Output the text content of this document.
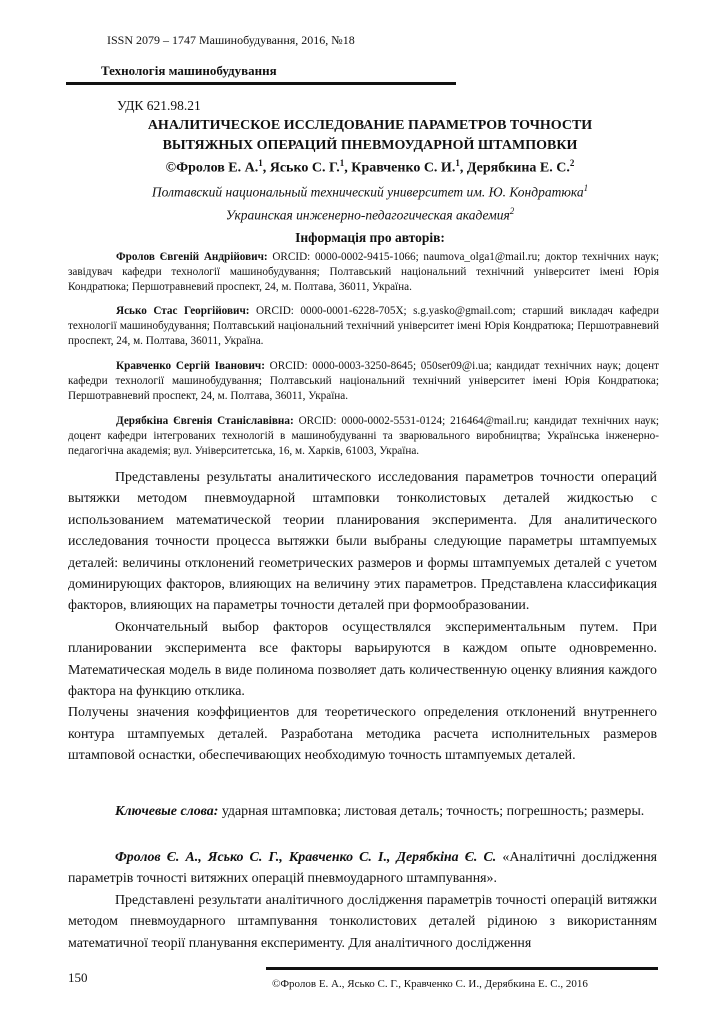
ISSN 2079 – 1747 Машинобудування, 2016, №18
Технологія машинобудування
УДК 621.98.21
АНАЛИТИЧЕСКОЕ ИССЛЕДОВАНИЕ ПАРАМЕТРОВ ТОЧНОСТИ
ВЫТЯЖНЫХ ОПЕРАЦИЙ ПНЕВМОУДАРНОЙ ШТАМПОВКИ
©Фролов Е. А.$^1$, Ясько С. Г.$^1$, Кравченко С. И.$^1$, Дерябкина Е. С.$^2$
Полтавский национальный технический университет им. Ю. Кондратюка$^1$
Украинская инженерно-педагогическая академия$^2$
Інформація про авторів:
Фролов Євгеній Андрійович: ORCID: 0000-0002-9415-1066; naumova_olga1@mail.ru; доктор технічних наук; завідувач кафедри технології машинобудування; Полтавський національний технічний університет імені Юрія Кондратюка; Першотравневий проспект, 24, м. Полтава, 36011, Україна.
Ясько Стас Георгійович: ORCID: 0000-0001-6228-705X; s.g.yasko@gmail.com; старший викладач кафедри технології машинобудування; Полтавський національний технічний університет імені Юрія Кондратюка; Першотравневий проспект, 24, м. Полтава, 36011, Україна.
Кравченко Сергій Іванович: ORCID: 0000-0003-3250-8645; 050ser09@i.ua; кандидат технічних наук; доцент кафедри технології машинобудування; Полтавський національний технічний університет імені Юрія Кондратюка; Першотравневий проспект, 24, м. Полтава, 36011, Україна.
Дерябкіна Євгенія Станіславівна: ORCID: 0000-0002-5531-0124; 216464@mail.ru; кандидат технічних наук; доцент кафедри інтегрованих технологій в машинобудуванні та зварювального виробництва; Українська інженерно-педагогічна академія; вул. Університетська, 16, м. Харків, 61003, Україна.

Представлены результаты аналитического исследования параметров точности операций вытяжки методом пневмоударной штамповки тонколистовых деталей жидкостью с использованием математической теории планирования эксперимента. Для аналитического исследования точности процесса вытяжки были выбраны следующие параметры штампуемых деталей: величины отклонений геометрических размеров и формы штампуемых деталей с учетом доминирующих факторов, влияющих на величину этих параметров. Представлена классификация факторов, влияющих на параметры точности деталей при формообразовании.

Окончательный выбор факторов осуществлялся экспериментальным путем. При планировании эксперимента все факторы варьируются в каждом опыте одновременно. Математическая модель в виде полинома позволяет дать количественную оценку влияния каждого фактора на функцию отклика.

Получены значения коэффициентов для теоретического определения отклонений внутреннего контура штампуемых деталей. Разработана методика расчета исполнительных размеров штамповой оснастки, обеспечивающих необходимую точность штампуемых деталей.

Ключевые слова: ударная штамповка; листовая деталь; точность; погрешность; размеры.

Фролов Є. А., Ясько С. Г., Кравченко С. І., Дерябкіна Є. С. «Аналітичні дослідження параметрів точності витяжних операцій пневмоударного штампування».

Представлені результати аналітичного дослідження параметрів точності операцій витяжки методом пневмоударного штампування тонколистових деталей рідиною з використанням математичної теорії планування експерименту. Для аналітичного дослідження

150	©Фролов Е. А., Ясько С. Г., Кравченко С. И., Дерябкина Е. С., 2016
